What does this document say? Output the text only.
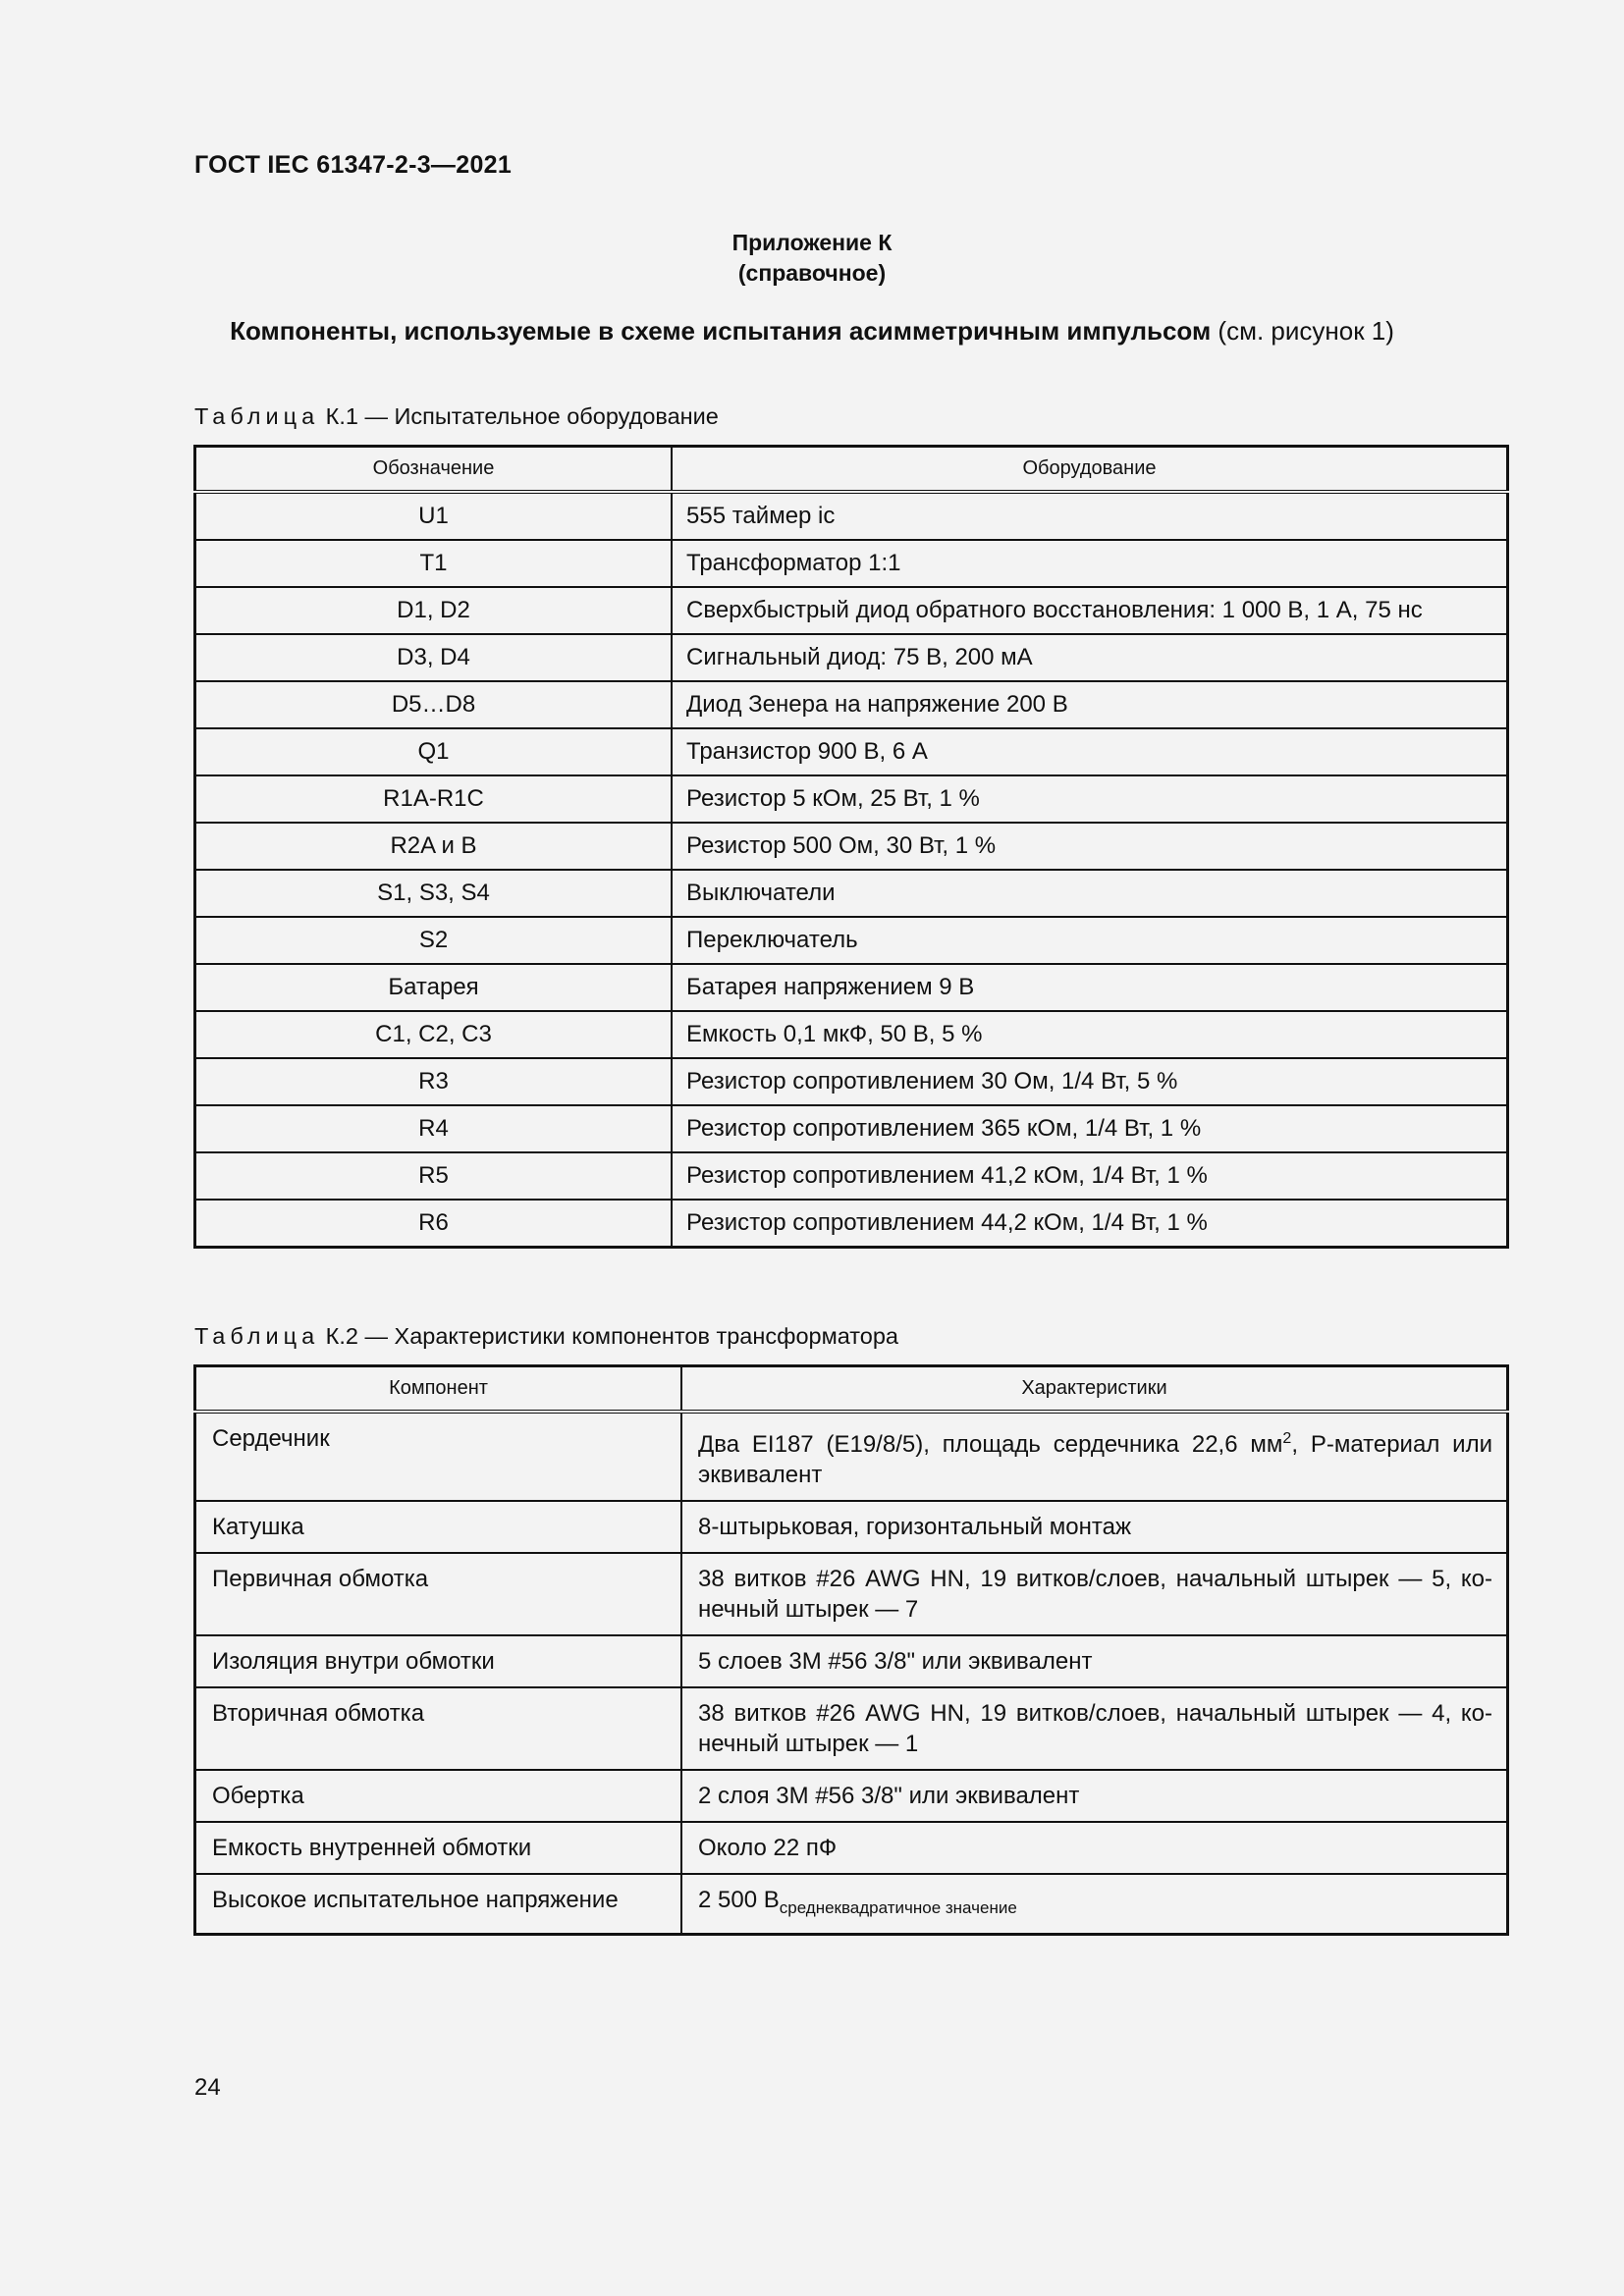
ГОСТ IEC 61347-2-3—2021
Приложение К
(справочное)
Компоненты, используемые в схеме испытания асимметричным импульсом (см. рисунок 1)
Таблица К.1 — Испытательное оборудование
Обозначение	Оборудование
U1	555 таймер ic
T1	Трансформатор 1:1
D1, D2	Сверхбыстрый диод обратного восстановления: 1 000 В, 1 А, 75 нс
D3, D4	Сигнальный диод: 75 В, 200 мА
D5…D8	Диод Зенера на напряжение 200 В
Q1	Транзистор 900 В, 6 А
R1A-R1C	Резистор 5 кОм, 25 Вт, 1 %
R2A и В	Резистор 500 Ом, 30 Вт, 1 %
S1, S3, S4	Выключатели
S2	Переключатель
Батарея	Батарея напряжением 9 В
С1, С2, С3	Емкость 0,1 мкФ, 50 В, 5 %
R3	Резистор сопротивлением 30 Ом, 1/4 Вт, 5 %
R4	Резистор сопротивлением 365 кОм, 1/4 Вт, 1 %
R5	Резистор сопротивлением 41,2 кОм, 1/4 Вт, 1 %
R6	Резистор сопротивлением 44,2 кОм, 1/4 Вт, 1 %
Таблица К.2 — Характеристики компонентов трансформатора
Компонент	Характеристики
Сердечник	Два EI187 (E19/8/5), площадь сердечника 22,6 $мм^2$, Р-материал или эквивалент
Катушка	8-штырьковая, горизонтальный монтаж
Первичная обмотка	38 витков #26 AWG HN, 19 витков/слоев, начальный штырек — 5, ко-нечный штырек — 7
Изоляция внутри обмотки	5 слоев 3M #56 3/8" или эквивалент
Вторичная обмотка	38 витков #26 AWG HN, 19 витков/слоев, начальный штырек — 4, ко-нечный штырек — 1
Обертка	2 слоя 3M #56 3/8" или эквивалент
Емкость внутренней обмотки	Около 22 пФ
Высокое испытательное напряжение	2 500 $В_{среднеквадратичное значение}$
24
